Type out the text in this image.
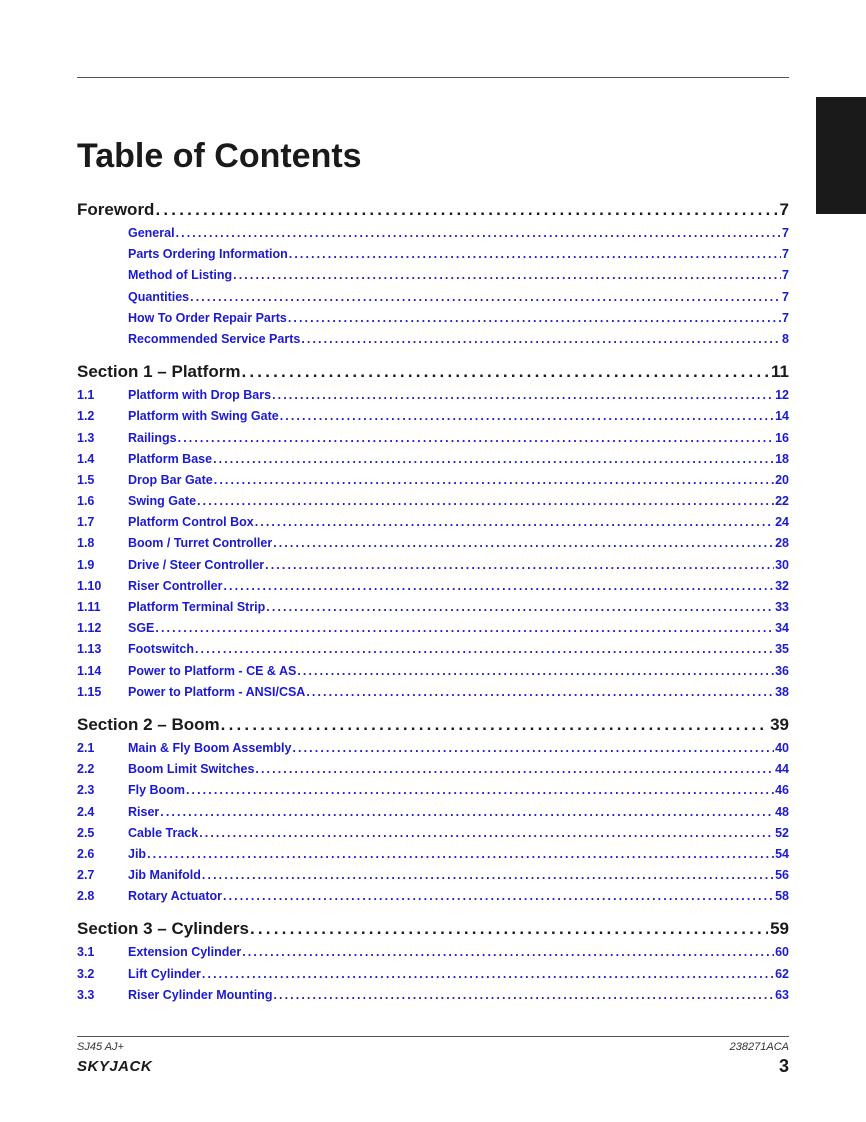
Table of Contents
Foreword .....	7
General .....	7
Parts Ordering Information .....	7
Method of Listing .....	7
Quantities .....	7
How To Order Repair Parts .....	7
Recommended Service Parts .....	8
Section 1 – Platform .....	11
1.1	Platform with Drop Bars .....	12
1.2	Platform with Swing Gate .....	14
1.3	Railings .....	16
1.4	Platform Base .....	18
1.5	Drop Bar Gate .....	20
1.6	Swing Gate .....	22
1.7	Platform Control Box .....	24
1.8	Boom / Turret Controller .....	28
1.9	Drive / Steer Controller .....	30
1.10	Riser Controller .....	32
1.11	Platform Terminal Strip .....	33
1.12	SGE .....	34
1.13	Footswitch .....	35
1.14	Power to Platform - CE & AS .....	36
1.15	Power to Platform - ANSI/CSA .....	38
Section 2 – Boom .....	39
2.1	Main & Fly Boom Assembly .....	40
2.2	Boom Limit Switches .....	44
2.3	Fly Boom .....	46
2.4	Riser .....	48
2.5	Cable Track .....	52
2.6	Jib .....	54
2.7	Jib Manifold .....	56
2.8	Rotary Actuator .....	58
Section 3 – Cylinders .....	59
3.1	Extension Cylinder .....	60
3.2	Lift Cylinder .....	62
3.3	Riser Cylinder Mounting .....	63
SJ45 AJ+	238271ACA
SKYJACK	3
